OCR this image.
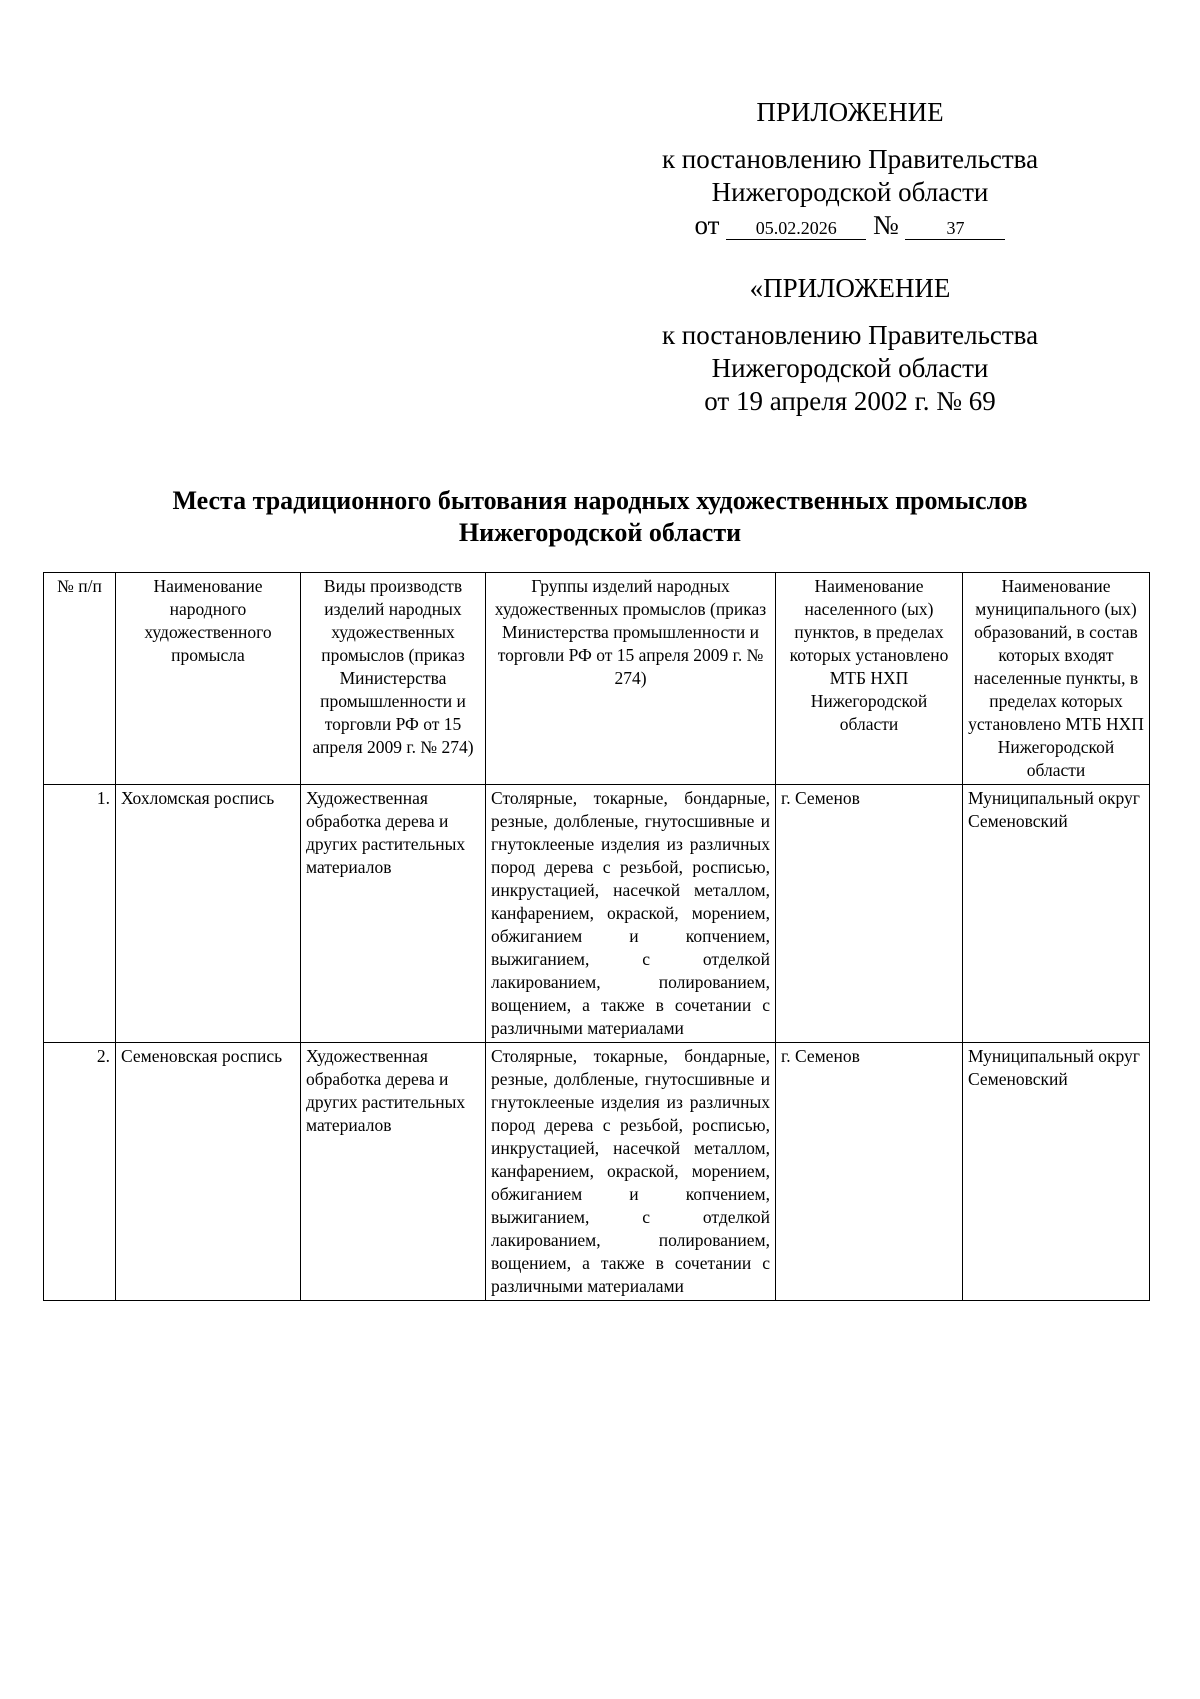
ПРИЛОЖЕНИЕ
к постановлению Правительства
Нижегородской области
от 05.02.2026 №	37
«ПРИЛОЖЕНИЕ
к постановлению Правительства
Нижегородской области
от 19 апреля 2002 г. № 69
Места традиционного бытования народных художественных промыслов
Нижегородской области
№ п/п	Наименование народного художественного промысла	Виды производств изделий народных художественных промыслов (приказ Министерства промышленности и торговли РФ от 15 апреля 2009 г. № 274)	Группы изделий народных художественных промыслов (приказ Министерства промышленности и торговли РФ от 15 апреля 2009 г. № 274)	Наименование населенного (ых) пунктов, в пределах которых установлено МТБ НХП Нижегородской области	Наименование муниципального (ых) образований, в состав которых входят населенные пункты, в пределах которых установлено МТБ НХП Нижегородской области
1.	Хохломская роспись	Художественная обработка дерева и других растительных материалов	Столярные, токарные, бондарные, резные, долбленые, гнутосшивные и гнутоклееные изделия из различных пород дерева с резьбой, росписью, инкрустацией, насечкой металлом, канфарением, окраской, морением, обжиганием и копчением, выжиганием, с отделкой лакированием, полированием, вощением, а также в сочетании с различными материалами	г. Семенов	Муниципальный округ Семеновский
2.	Семеновская роспись	Художественная обработка дерева и других растительных материалов	Столярные, токарные, бондарные, резные, долбленые, гнутосшивные и гнутоклееные изделия из различных пород дерева с резьбой, росписью, инкрустацией, насечкой металлом, канфарением, окраской, морением, обжиганием и копчением, выжиганием, с отделкой лакированием, полированием, вощением, а также в сочетании с различными материалами	г. Семенов	Муниципальный округ Семеновский
